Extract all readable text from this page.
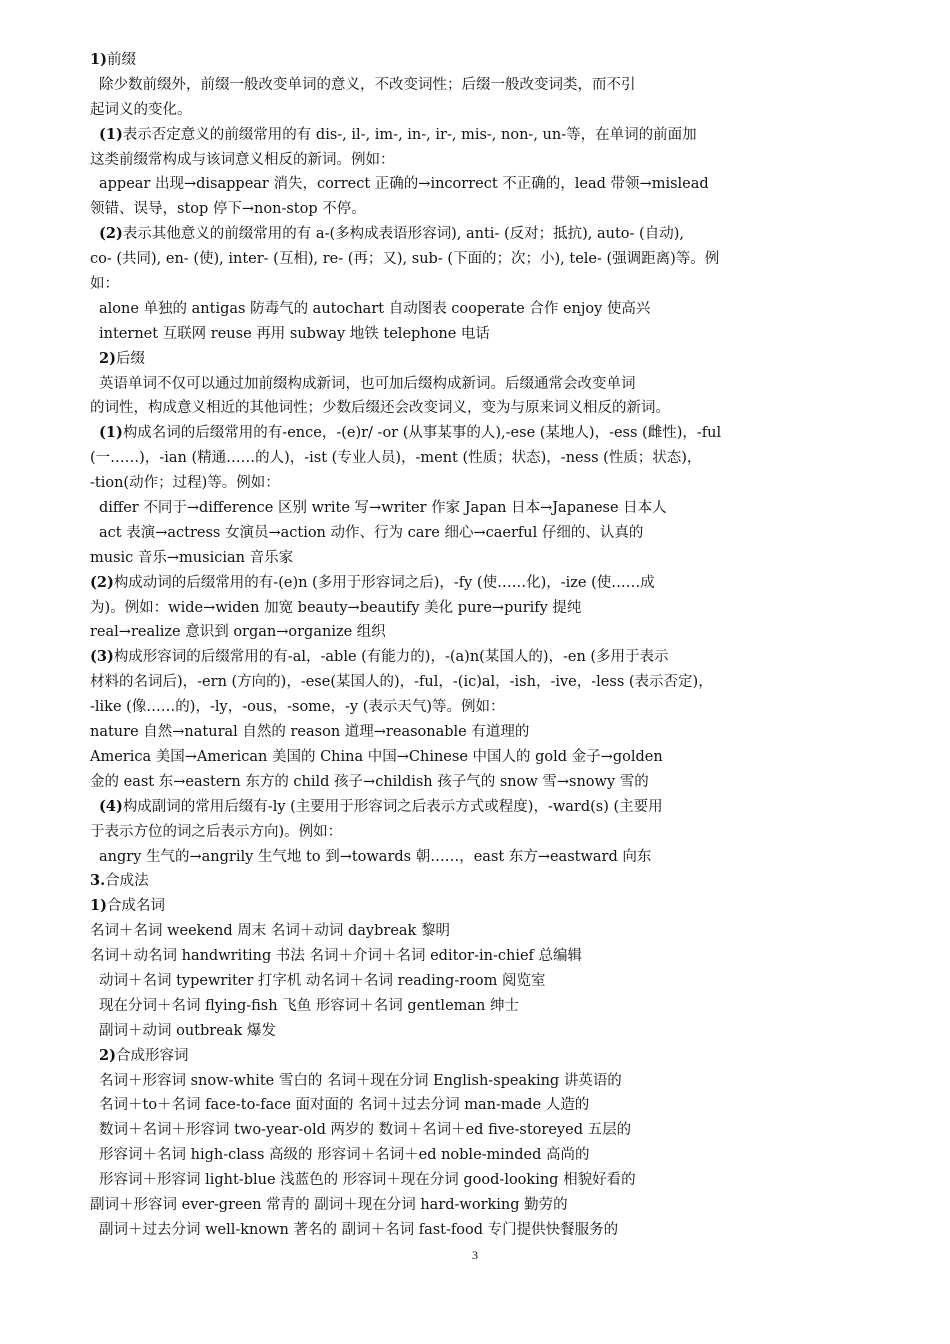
1)前缀
除少数前缀外，前缀一般改变单词的意义，不改变词性；后缀一般改变词类，而不引
起词义的变化。
(1)表示否定意义的前缀常用的有 dis-, il-, im-, in-, ir-, mis-, non-, un-等，在单词的前面加
这类前缀常构成与该词意义相反的新词。例如：
appear 出现→disappear 消失，correct 正确的→incorrect 不正确的，lead 带领→mislead
领错、误导，stop 停下→non-stop 不停。
(2)表示其他意义的前缀常用的有 a-(多构成表语形容词), anti- (反对；抵抗), auto- (自动),
co- (共同), en- (使), inter- (互相), re- (再；又), sub- (下面的；次；小), tele- (强调距离)等。例
如：
alone 单独的 antigas 防毒气的 autochart 自动图表 cooperate 合作 enjoy 使高兴
internet 互联网 reuse 再用 subway 地铁 telephone 电话
2)后缀
英语单词不仅可以通过加前缀构成新词，也可加后缀构成新词。后缀通常会改变单词
的词性，构成意义相近的其他词性；少数后缀还会改变词义，变为与原来词义相反的新词。
(1)构成名词的后缀常用的有-ence，-(e)r/ -or (从事某事的人),-ese (某地人)，-ess (雌性)，-ful
(一……)，-ian (精通……的人)，-ist (专业人员)，-ment (性质；状态)，-ness (性质；状态)，
-tion(动作；过程)等。例如：
differ 不同于→difference 区别 write 写→writer 作家 Japan 日本→Japanese 日本人
act 表演→actress 女演员→action 动作、行为 care 细心→caerful 仔细的、认真的
music 音乐→musician 音乐家
(2)构成动词的后缀常用的有-(e)n (多用于形容词之后)，-fy (使……化)，-ize (使……成
为)。例如：wide→widen 加宽 beauty→beautify 美化 pure→purify 提纯
real→realize 意识到 organ→organize 组织
(3)构成形容词的后缀常用的有-al，-able (有能力的)，-(a)n(某国人的)，-en (多用于表示
材料的名词后)，-ern (方向的)，-ese(某国人的)，-ful，-(ic)al，-ish，-ive，-less (表示否定)，
-like (像……的)，-ly，-ous，-some，-y (表示天气)等。例如：
nature 自然→natural 自然的 reason 道理→reasonable 有道理的
America 美国→American 美国的 China 中国→Chinese 中国人的 gold 金子→golden
金的 east 东→eastern 东方的 child 孩子→childish 孩子气的 snow 雪→snowy 雪的
(4)构成副词的常用后缀有-ly (主要用于形容词之后表示方式或程度)，-ward(s) (主要用
于表示方位的词之后表示方向)。例如：
angry 生气的→angrily 生气地 to 到→towards 朝……，east 东方→eastward 向东
3.合成法
1)合成名词
名词＋名词 weekend 周末 名词＋动词 daybreak 黎明
名词＋动名词 handwriting 书法 名词＋介词＋名词 editor-in-chief 总编辑
动词＋名词 typewriter 打字机 动名词＋名词 reading-room 阅览室
现在分词＋名词 flying-fish 飞鱼 形容词＋名词 gentleman 绅士
副词＋动词 outbreak 爆发
2)合成形容词
名词＋形容词 snow-white 雪白的 名词＋现在分词 English-speaking 讲英语的
名词＋to＋名词 face-to-face 面对面的 名词＋过去分词 man-made 人造的
数词＋名词＋形容词 two-year-old 两岁的 数词＋名词＋ed five-storeyed 五层的
形容词＋名词 high-class 高级的 形容词＋名词＋ed noble-minded 高尚的
形容词＋形容词 light-blue 浅蓝色的 形容词＋现在分词 good-looking 相貌好看的
副词＋形容词 ever-green 常青的 副词＋现在分词 hard-working 勤劳的
副词＋过去分词 well-known 著名的 副词＋名词 fast-food 专门提供快餐服务的
3
